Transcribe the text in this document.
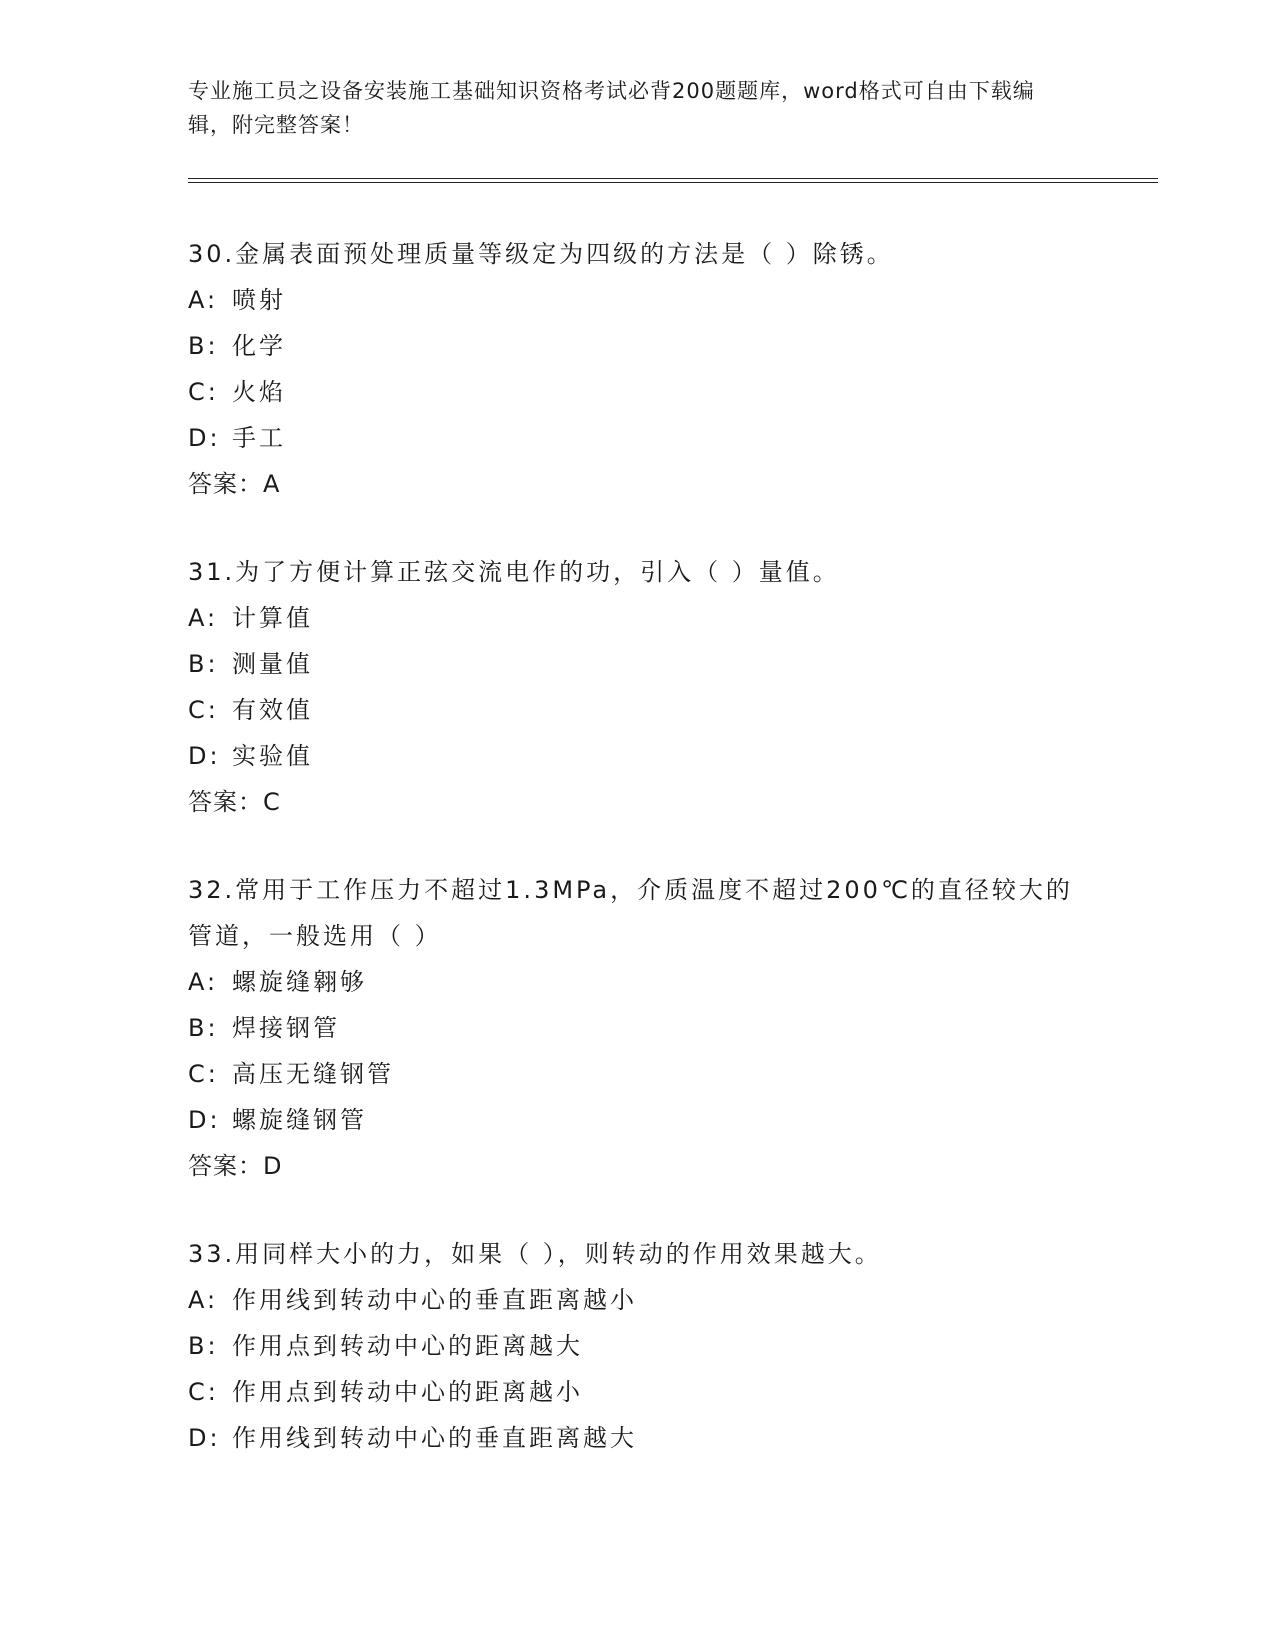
专业施工员之设备安装施工基础知识资格考试必背200题题库，word格式可自由下载编辑，附完整答案！
30.金属表面预处理质量等级定为四级的方法是（ ）除锈。
A: 喷射
B: 化学
C: 火焰
D: 手工
答案：A
31.为了方便计算正弦交流电作的功，引入（ ）量值。
A: 计算值
B: 测量值
C: 有效值
D: 实验值
答案：C
32.常用于工作压力不超过1.3MPa，介质温度不超过200℃的直径较大的管道，一般选用（ ）
A: 螺旋缝翱够
B: 焊接钢管
C: 高压无缝钢管
D: 螺旋缝钢管
答案：D
33.用同样大小的力，如果（ ），则转动的作用效果越大。
A: 作用线到转动中心的垂直距离越小
B: 作用点到转动中心的距离越大
C: 作用点到转动中心的距离越小
D: 作用线到转动中心的垂直距离越大
